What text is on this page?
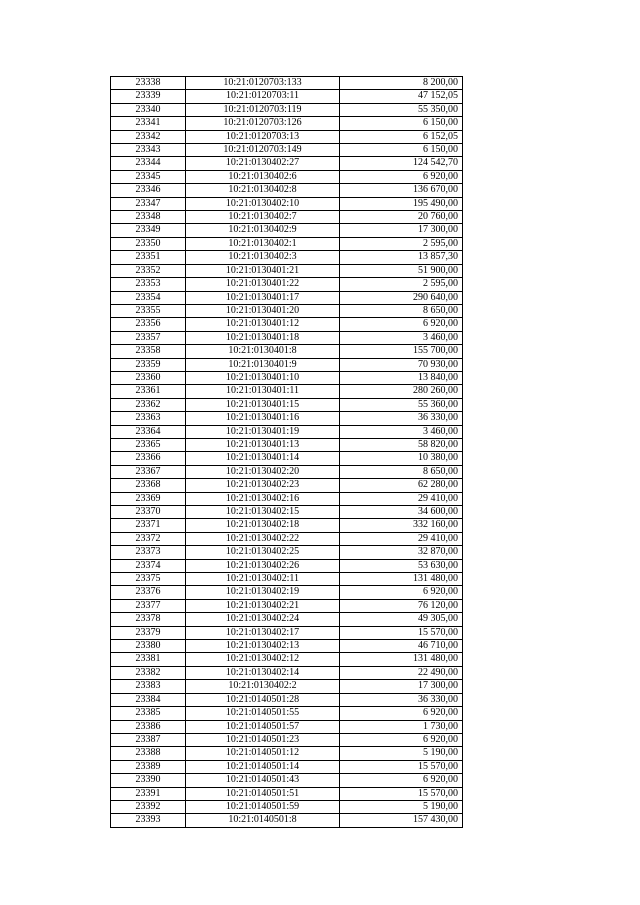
23338	10:21:0120703:133	8 200,00
23339	10:21:0120703:11	47 152,05
23340	10:21:0120703:119	55 350,00
23341	10:21:0120703:126	6 150,00
23342	10:21:0120703:13	6 152,05
23343	10:21:0120703:149	6 150,00
23344	10:21:0130402:27	124 542,70
23345	10:21:0130402:6	6 920,00
23346	10:21:0130402:8	136 670,00
23347	10:21:0130402:10	195 490,00
23348	10:21:0130402:7	20 760,00
23349	10:21:0130402:9	17 300,00
23350	10:21:0130402:1	2 595,00
23351	10:21:0130402:3	13 857,30
23352	10:21:0130401:21	51 900,00
23353	10:21:0130401:22	2 595,00
23354	10:21:0130401:17	290 640,00
23355	10:21:0130401:20	8 650,00
23356	10:21:0130401:12	6 920,00
23357	10:21:0130401:18	3 460,00
23358	10:21:0130401:8	155 700,00
23359	10:21:0130401:9	70 930,00
23360	10:21:0130401:10	13 840,00
23361	10:21:0130401:11	280 260,00
23362	10:21:0130401:15	55 360,00
23363	10:21:0130401:16	36 330,00
23364	10:21:0130401:19	3 460,00
23365	10:21:0130401:13	58 820,00
23366	10:21:0130401:14	10 380,00
23367	10:21:0130402:20	8 650,00
23368	10:21:0130402:23	62 280,00
23369	10:21:0130402:16	29 410,00
23370	10:21:0130402:15	34 600,00
23371	10:21:0130402:18	332 160,00
23372	10:21:0130402:22	29 410,00
23373	10:21:0130402:25	32 870,00
23374	10:21:0130402:26	53 630,00
23375	10:21:0130402:11	131 480,00
23376	10:21:0130402:19	6 920,00
23377	10:21:0130402:21	76 120,00
23378	10:21:0130402:24	49 305,00
23379	10:21:0130402:17	15 570,00
23380	10:21:0130402:13	46 710,00
23381	10:21:0130402:12	131 480,00
23382	10:21:0130402:14	22 490,00
23383	10:21:0130402:2	17 300,00
23384	10:21:0140501:28	36 330,00
23385	10:21:0140501:55	6 920,00
23386	10:21:0140501:57	1 730,00
23387	10:21:0140501:23	6 920,00
23388	10:21:0140501:12	5 190,00
23389	10:21:0140501:14	15 570,00
23390	10:21:0140501:43	6 920,00
23391	10:21:0140501:51	15 570,00
23392	10:21:0140501:59	5 190,00
23393	10:21:0140501:8	157 430,00
